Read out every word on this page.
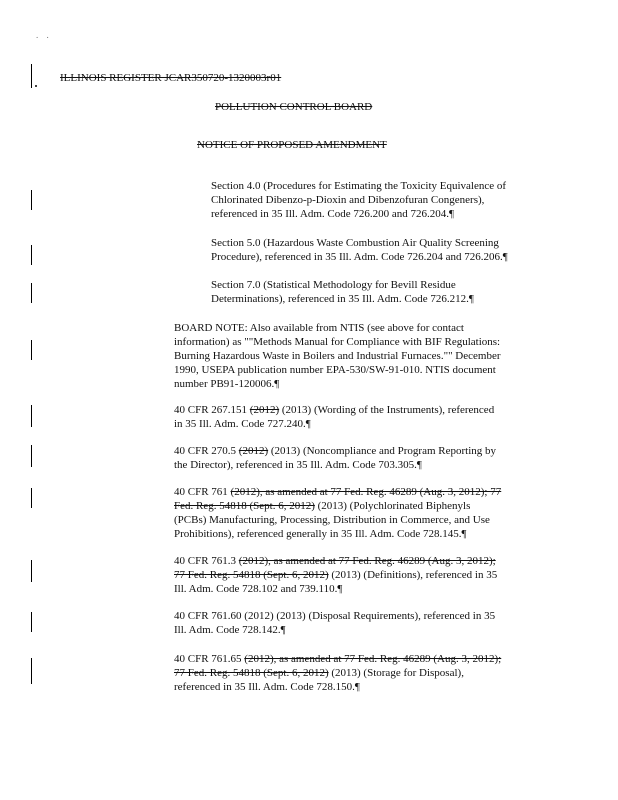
. .
ILLINOIS REGISTER JCAR350720-1320003r01
POLLUTION CONTROL BOARD
NOTICE OF PROPOSED AMENDMENT
Section 4.0 (Procedures for Estimating the Toxicity Equivalence of
Chlorinated Dibenzo-p-Dioxin and Dibenzofuran Congeners),
referenced in 35 Ill. Adm. Code 726.200 and 726.204.¶
Section 5.0 (Hazardous Waste Combustion Air Quality Screening
Procedure), referenced in 35 Ill. Adm. Code 726.204 and 726.206.¶
Section 7.0 (Statistical Methodology for Bevill Residue
Determinations), referenced in 35 Ill. Adm. Code 726.212.¶
BOARD NOTE: Also available from NTIS (see above for contact
information) as ""Methods Manual for Compliance with BIF Regulations:
Burning Hazardous Waste in Boilers and Industrial Furnaces."" December
1990, USEPA publication number EPA-530/SW-91-010. NTIS document
number PB91-120006.¶
40 CFR 267.151 (2012) (2013) (Wording of the Instruments), referenced
in 35 Ill. Adm. Code 727.240.¶
40 CFR 270.5 (2012) (2013) (Noncompliance and Program Reporting by
the Director), referenced in 35 Ill. Adm. Code 703.305.¶
40 CFR 761 (2012), as amended at 77 Fed. Reg. 46289 (Aug. 3, 2012); 77
Fed. Reg. 54818 (Sept. 6, 2012) (2013) (Polychlorinated Biphenyls
(PCBs) Manufacturing, Processing, Distribution in Commerce, and Use
Prohibitions), referenced generally in 35 Ill. Adm. Code 728.145.¶
40 CFR 761.3 (2012), as amended at 77 Fed. Reg. 46289 (Aug. 3, 2012);
77 Fed. Reg. 54818 (Sept. 6, 2012) (2013) (Definitions), referenced in 35
Ill. Adm. Code 728.102 and 739.110.¶
40 CFR 761.60 (2012) (2013) (Disposal Requirements), referenced in 35
Ill. Adm. Code 728.142.¶
40 CFR 761.65 (2012), as amended at 77 Fed. Reg. 46289 (Aug. 3, 2012);
77 Fed. Reg. 54818 (Sept. 6, 2012) (2013) (Storage for Disposal),
referenced in 35 Ill. Adm. Code 728.150.¶
